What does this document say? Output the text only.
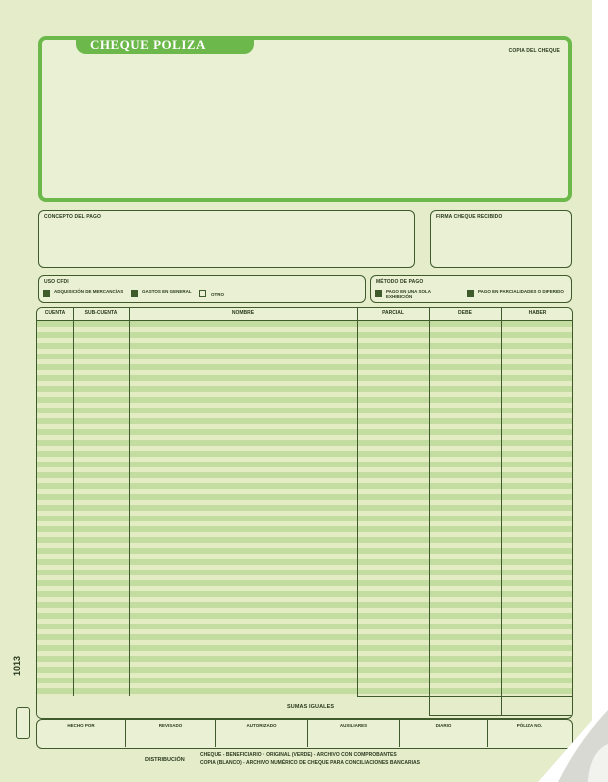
CHEQUE POLIZA	COPIA DEL CHEQUE
CONCEPTO DEL PAGO	FIRMA CHEQUE RECIBIDO
USO CFDI
ADQUISICIÓN DE MERCANCÍAS	GASTOS EN GENERAL
OTRO
MÉTODO DE PAGO
PAGO EN UNA SOLA EXHIBICIÓN
PAGO EN PARCIALIDADES O DIFERIDO
CUENTA	SUB-CUENTA	NOMBRE	PARCIAL	DEBE	HABER
SUMAS IGUALES
HECHO POR	REVISADO	AUTORIZADO	AUXILIARES	DIARIO	PÓLIZA NO.
DISTRIBUCIÓN
CHEQUE - BENEFICIARIO · ORIGINAL (VERDE) - ARCHIVO CON COMPROBANTES
COPIA (BLANCO) - ARCHIVO NUMÉRICO DE CHEQUE PARA CONCILIACIONES BANCARIAS
1013
